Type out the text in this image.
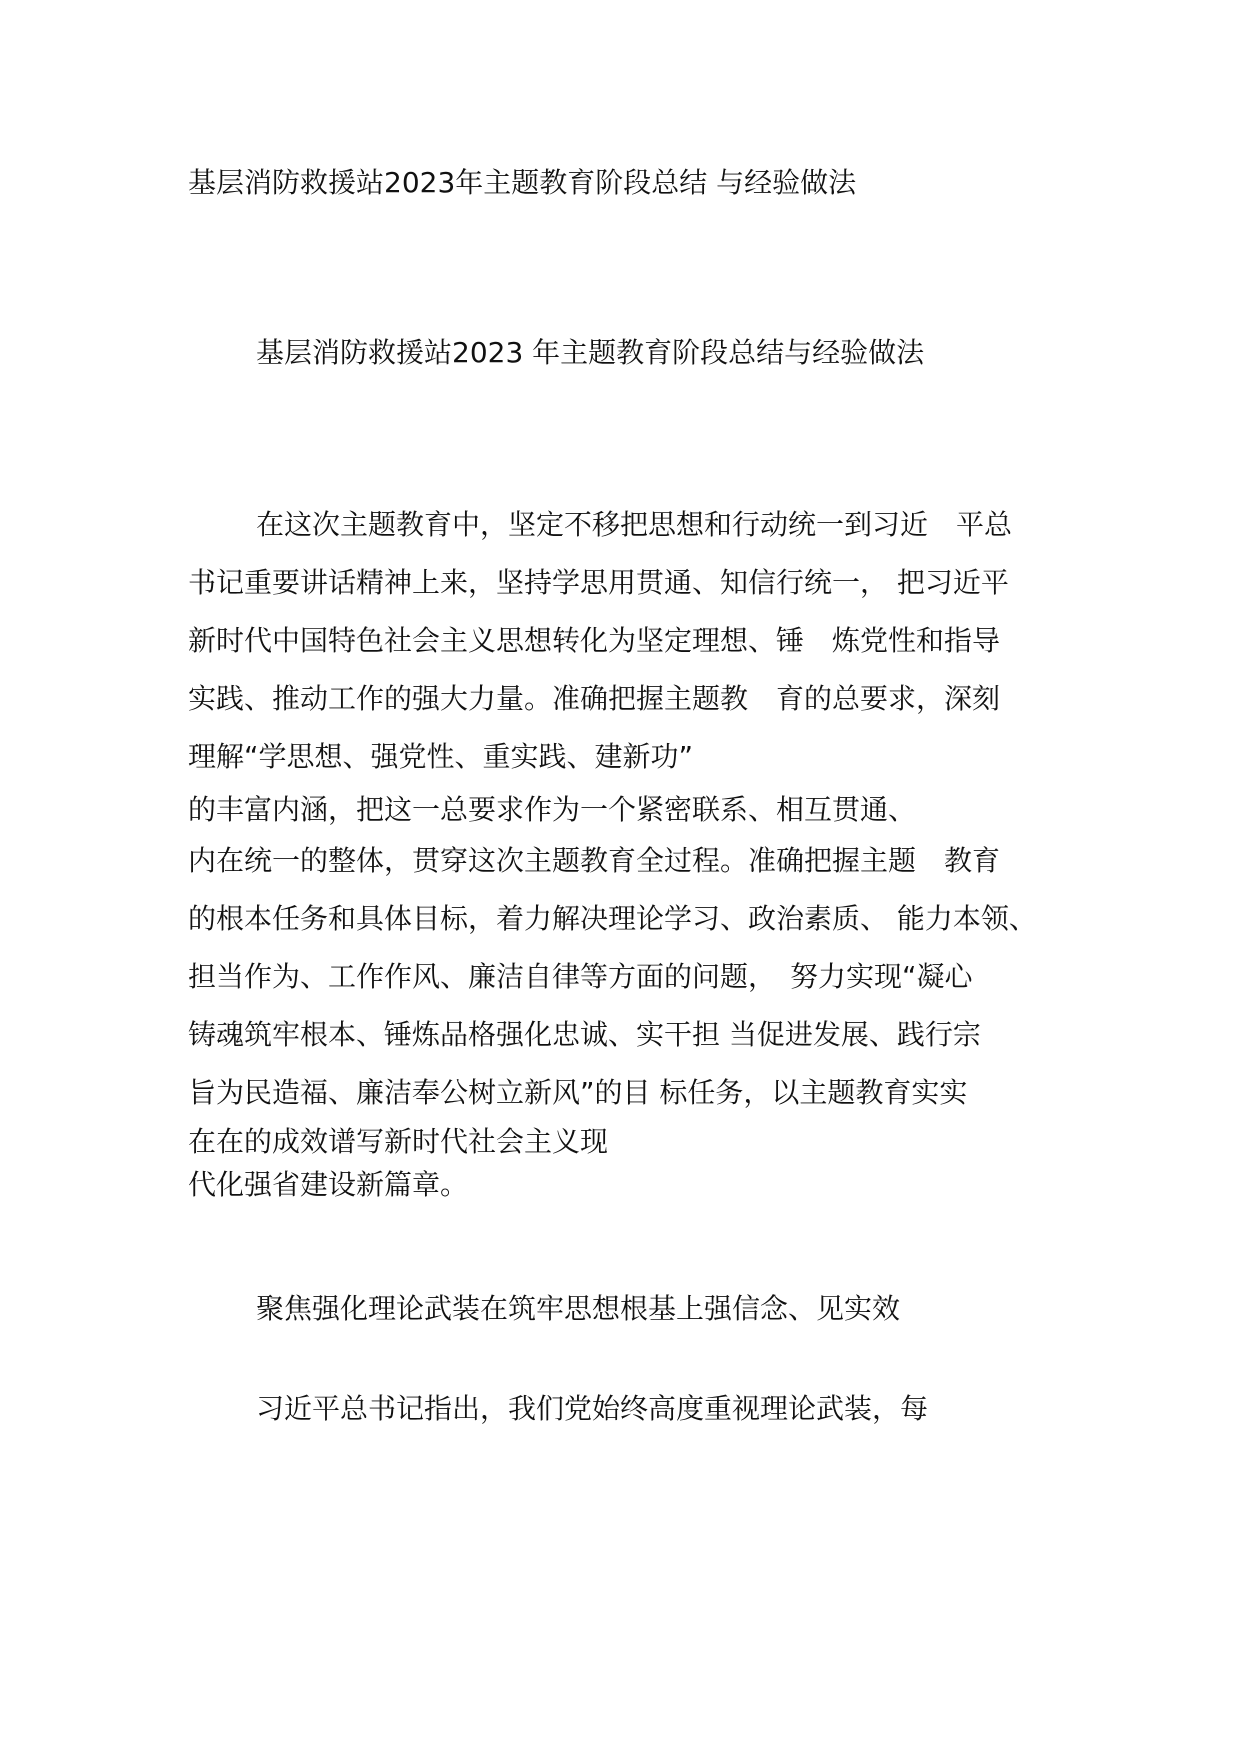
基层消防救援站2023年主题教育阶段总结 与经验做法
基层消防救援站2023 年主题教育阶段总结与经验做法
在这次主题教育中，坚定不移把思想和行动统一到习近　平总
书记重要讲话精神上来，坚持学思用贯通、知信行统一， 把习近平
新时代中国特色社会主义思想转化为坚定理想、锤　炼党性和指导
实践、推动工作的强大力量。准确把握主题教　育的总要求，深刻
理解“学思想、强党性、重实践、建新功”
的丰富内涵，把这一总要求作为一个紧密联系、相互贯通、
内在统一的整体，贯穿这次主题教育全过程。准确把握主题　教育
的根本任务和具体目标，着力解决理论学习、政治素质、 能力本领、
担当作为、工作作风、廉洁自律等方面的问题，　努力实现“凝心
铸魂筑牢根本、锤炼品格强化忠诚、实干担 当促进发展、践行宗
旨为民造福、廉洁奉公树立新风”的目 标任务，以主题教育实实
在在的成效谱写新时代社会主义现
代化强省建设新篇章。
聚焦强化理论武装在筑牢思想根基上强信念、见实效
习近平总书记指出，我们党始终高度重视理论武装，每
